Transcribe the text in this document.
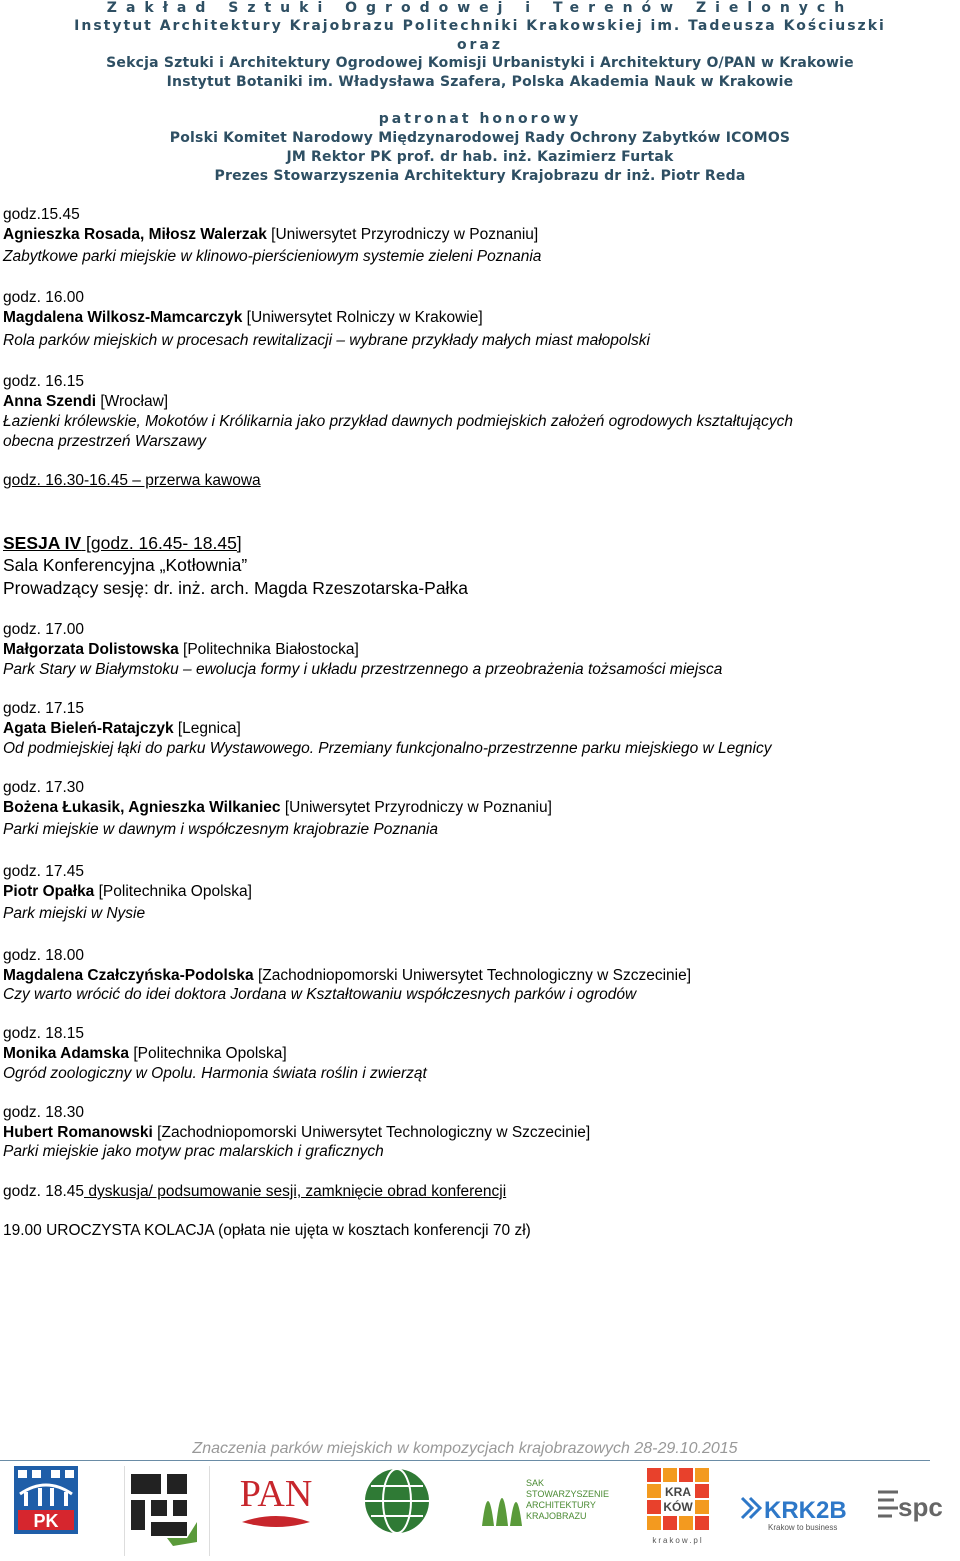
Zakład Sztuki Ogrodowej i Terenów Zielonych
Instytut Architektury Krajobrazu Politechniki Krakowskiej im. Tadeusza Kościuszki
oraz
Sekcja Sztuki i Architektury Ogrodowej Komisji Urbanistyki i Architektury O/PAN w Krakowie
Instytut Botaniki im. Władysława Szafera, Polska Akademia Nauk w Krakowie
patronat honorowy
Polski Komitet Narodowy Międzynarodowej Rady Ochrony Zabytków ICOMOS
JM Rektor PK prof. dr hab. inż. Kazimierz Furtak
Prezes Stowarzyszenia Architektury Krajobrazu dr inż. Piotr Reda
godz.15.45
Agnieszka Rosada, Miłosz Walerzak [Uniwersytet Przyrodniczy w Poznaniu]
Zabytkowe parki miejskie w klinowo-pierścieniowym systemie zieleni Poznania
godz. 16.00
Magdalena Wilkosz-Mamcarczyk [Uniwersytet Rolniczy w Krakowie]
Rola parków miejskich w procesach rewitalizacji – wybrane przykłady małych miast małopolski
godz. 16.15
Anna Szendi [Wrocław]
Łazienki królewskie, Mokotów i Królikarnia jako przykład dawnych podmiejskich założeń ogrodowych kształtujących
obecna przestrzeń Warszawy
godz. 16.30-16.45 – przerwa kawowa
SESJA IV [godz. 16.45- 18.45]
Sala Konferencyjna „Kotłownia”
Prowadzący sesję: dr. inż. arch. Magda Rzeszotarska-Pałka
godz. 17.00
Małgorzata Dolistowska [Politechnika Białostocka]
Park Stary w Białymstoku – ewolucja formy i układu przestrzennego a przeobrażenia tożsamości miejsca
godz. 17.15
Agata Bieleń-Ratajczyk [Legnica]
Od podmiejskiej łąki do parku Wystawowego. Przemiany funkcjonalno-przestrzenne parku miejskiego w Legnicy
godz. 17.30
Bożena Łukasik, Agnieszka Wilkaniec [Uniwersytet Przyrodniczy w Poznaniu]
Parki miejskie w dawnym i współczesnym krajobrazie Poznania
godz. 17.45
Piotr Opałka [Politechnika Opolska]
Park miejski w Nysie
godz. 18.00
Magdalena Czałczyńska-Podolska [Zachodniopomorski Uniwersytet Technologiczny w Szczecinie]
Czy warto wrócić do idei doktora Jordana w Kształtowaniu współczesnych parków i ogrodów
godz. 18.15
Monika Adamska [Politechnika Opolska]
Ogród zoologiczny w Opolu. Harmonia świata roślin i zwierząt
godz. 18.30
Hubert Romanowski [Zachodniopomorski Uniwersytet Technologiczny w Szczecinie]
Parki miejskie jako motyw prac malarskich i graficznych
godz. 18.45 dyskusja/ podsumowanie sesji, zamknięcie obrad konferencji
19.00 UROCZYSTA KOLACJA (opłata nie ujęta w kosztach konferencji 70 zł)
Znaczenia parków miejskich w kompozycjach krajobrazowych 28-29.10.2015
PK
PAN	SAK
STOWARZYSZENIE
ARCHITEKTURY
KRAJOBRAZU
KRA
KÓW
krakow.pl
KRK2B
Krakow to business
spc
